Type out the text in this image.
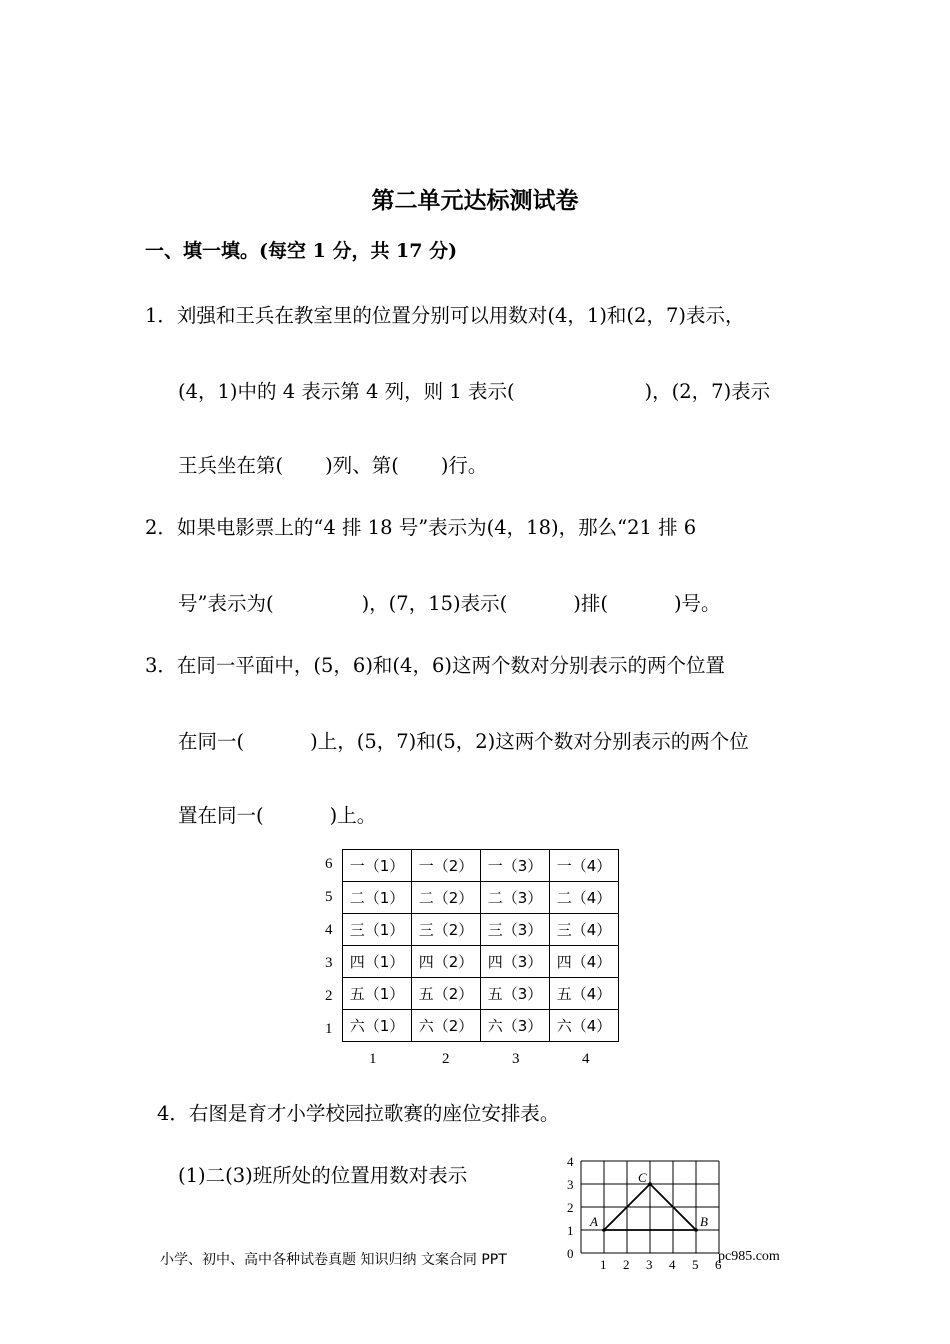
第二单元达标测试卷
一、填一填。(每空 1 分，共 17 分)
1．刘强和王兵在教室里的位置分别可以用数对(4，1)和(2，7)表示，
(4，1)中的 4 表示第 4 列，则 1 表示(	)，(2，7)表示
王兵坐在第( )列、第( )行。
2．如果电影票上的“4 排 18 号”表示为(4，18)，那么“21 排 6
号”表示为(	)，(7，15)表示(	)排(	)号。
3．在同一平面中，(5，6)和(4，6)这两个数对分别表示的两个位置
在同一(	)上，(5，7)和(5，2)这两个数对分别表示的两个位
置在同一(	)上。
6
5
4
3
2
1
一（1）	一（2）	一（3）	一（4）
二（1）	二（2）	二（3）	二（4）
三（1）	三（2）	三（3）	三（4）
四（1）	四（2）	四（3）	四（4）
五（1）	五（2）	五（3）	五（4）
六（1）	六（2）	六（3）	六（4）
1	2	3	4
4．右图是育才小学校园拉歌赛的座位安排表。
(1)二(3)班所处的位置用数对表示
4
3
2
1
0
1 2 3 4 5 6
A
C
B
小学、初中、高中各种试卷真题 知识归纳 文案合同 PPT	pc985.com
